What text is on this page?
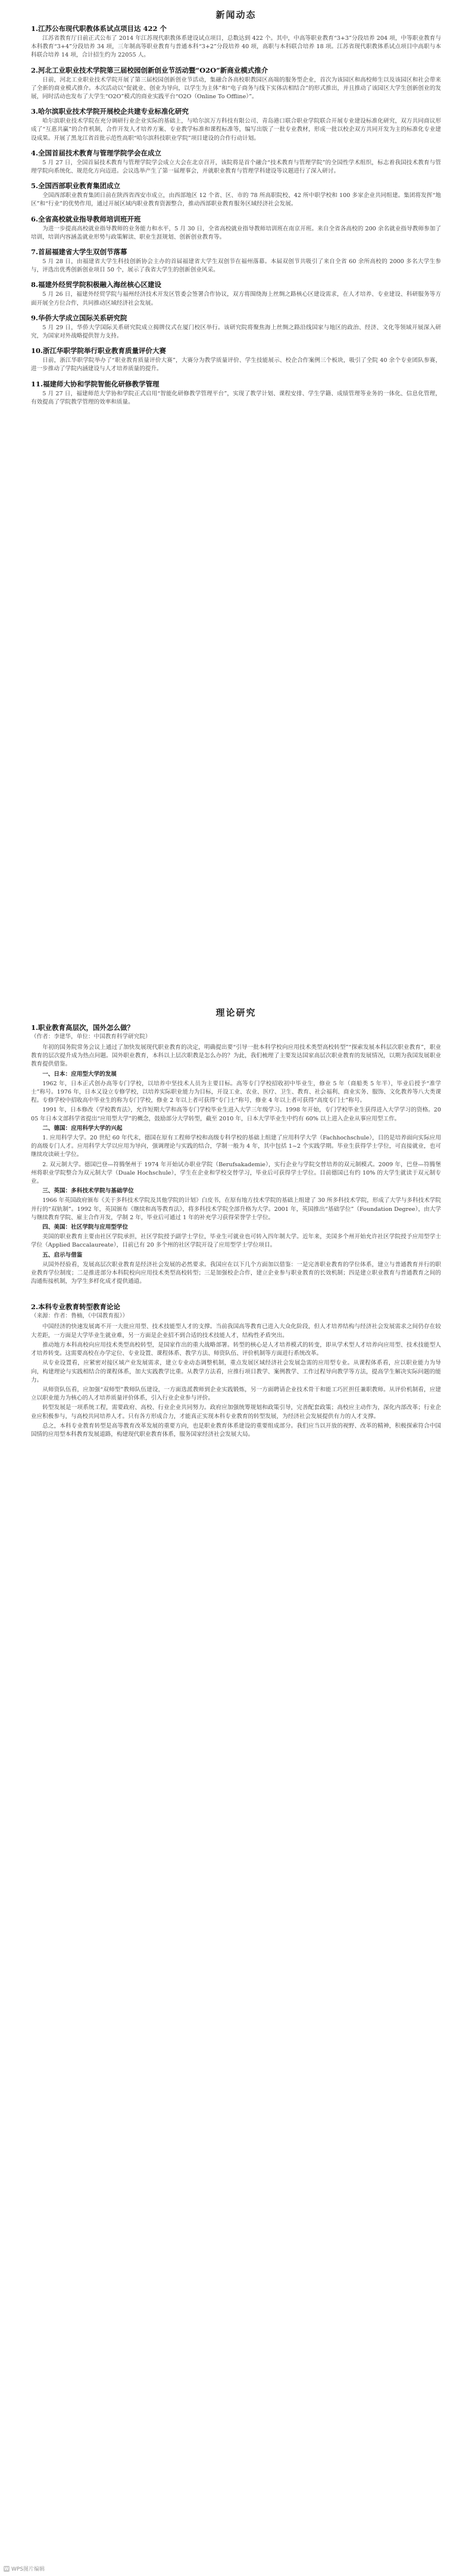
新闻动态

1.江苏公布现代职教体系试点项目达 422 个

江苏省教育厅日前正式公布了 2014 年江苏现代职教体系建设试点项目，总数达到 422 个。其中，中高等职业教育“3+3”分段培养 204 项，中等职业教育与本科教育“3+4”分段培养 34 项，三年制高等职业教育与普通本科“3+2”分段培养 40 项，高职与本科联合培养 18 项。江苏省现代职教体系试点项目中高职与本科联合培养 14 项，合计招生约为 22055 人。

2.河北工业职业技术学院第三届校园创新创业节活动暨“O2O”新商业模式推介

日前，河北工业职业技术学院开展了第三届校园创新创业节活动，集融合各高校职教园区高端的服务型企业，首次为该园区和高校师生以及该园区和社会带来了全新的商业模式推介。本次活动以“促就业、创业为导向，以学生为主体”和“电子商务与线下实体店相结合”的形式推出，并且推动了该园区大学生创新创业的发展，同时活动也发布了大学生“O2O”模式的商业实践平台“O2O（Online To Offline）”。

3.哈尔滨职业技术学院开展校企共建专业标准化研究

哈尔滨职业技术学院在充分调研行业企业实际的基础上，与哈尔滨万方科技有限公司、青岛港口联合职业学院联合开展专业建设标准化研究，双方共同商议形成了“互惠共赢”的合作机制，合作开发人才培养方案、专业教学标准和课程标准等，编写出版了一批专业教材，形成一批以校企双方共同开发为主的标准化专业建设成果。开展了黑龙江省首批示范性高职“哈尔滨科技职业学院”项目建设的合作行动计划。

4.全国首届技术教育与管理学院学会在成立

5 月 27 日，全国首届技术教育与管理学院学会成立大会在北京召开，该院将是首个融合“技术教育与管理学院”的全国性学术组织，标志着我国技术教育与管理学院向系统化、规范化方向迈进。会议选举产生了第一届理事会，并就职业教育与管理学科建设等议题进行了深入研讨。

5.全国西部职业教育集团成立

全国西部职业教育集团日前在陕西省西安市成立，由西部地区 12 个省、区、市的 78 所高职院校、42 所中职学校和 100 多家企业共同组建。集团将发挥“地区”和“行业”的优势作用，通过开展区域内职业教育资源整合，推动西部职业教育服务区域经济社会发展。

6.全省高校就业指导教师培训班开班

为进一步提高高校就业指导教师的业务能力和水平，5 月 30 日，全省高校就业指导教师培训班在南京开班。来自全省各高校的 200 余名就业指导教师参加了培训，培训内容涵盖就业形势与政策解读、职业生涯规划、创新创业教育等。

7.首届福建省大学生双创节落幕

5 月 28 日，由福建省大学生科技创新协会主办的首届福建省大学生双创节在福州落幕。本届双创节共吸引了来自全省 60 余所高校的 2000 多名大学生参与，评选出优秀创新创业项目 50 个，展示了我省大学生的创新创业风采。

8.福建外经贸学院积极融入海丝核心区建设

5 月 26 日，福建外经贸学院与福州经济技术开发区管委会签署合作协议，双方将围绕海上丝绸之路核心区建设需求，在人才培养、专业建设、科研服务等方面开展全方位合作，共同推动区域经济社会发展。

9.华侨大学成立国际关系研究院

5 月 29 日，华侨大学国际关系研究院成立揭牌仪式在厦门校区举行。该研究院将聚焦海上丝绸之路沿线国家与地区的政治、经济、文化等领域开展深入研究，为国家对外战略提供智力支持。

10.浙江华职学院举行职业教育质量评价大赛

日前，浙江华职学院举办了“职业教育质量评价大赛”，大赛分为教学质量评价、学生技能展示、校企合作案例三个板块，吸引了全院 40 余个专业团队参赛，进一步推动了学院内涵建设与人才培养质量的提升。

11.福建师大协和学院智能化研修教学管理

5 月 27 日，福建师范大学协和学院正式启用“智能化研修教学管理平台”，实现了教学计划、课程安排、学生学籍、成绩管理等业务的一体化、信息化管理，有效提高了学院教学管理的效率和质量。

理论研究

1.职业教育高层次，国外怎么做？

（作者：李建华，单位：中国教育科学研究院）

年初的国务院常务会议上通过了加快发展现代职业教育的决定，明确提出要“引导一批本科学校向应用技术类型高校转型”“探索发展本科层次职业教育”，职业教育的层次提升成为热点问题。国外职业教育，本科以上层次职教是怎么办的？为此，我们梳理了主要发达国家高层次职业教育的发展情况，以期为我国发展职业教育提供借鉴。

一、日本：应用型大学的发展

1962 年，日本正式创办高等专门学校，以培养中坚技术人员为主要目标。高等专门学校招收初中毕业生，修业 5 年（商船类 5 年半），毕业后授予“准学士”称号。1976 年，日本又设立专修学校，以培养实际职业能力为目标，开设工业、农业、医疗、卫生、教育、社会福利、商业实务、服饰、文化教养等八大类课程。专修学校中招收高中毕业生的称为专门学校，修业 2 年以上者可获得“专门士”称号，修业 4 年以上者可获得“高度专门士”称号。

1991 年，日本修改《学校教育法》，允许短期大学和高等专门学校毕业生进入大学三年级学习。1998 年开始，专门学校毕业生获得进入大学学习的资格。2005 年日本文部科学省提出“应用型大学”的概念，鼓励部分大学转型，截至 2010 年，日本大学毕业生中约有 60% 以上进入企业从事应用型工作。

二、德国：应用科学大学的兴起

1. 应用科学大学。20 世纪 60 年代末，德国在原有工程师学校和高级专科学校的基础上组建了应用科学大学（Fachhochschule），目的是培养面向实际应用的高级专门人才。应用科学大学以应用为导向，强调理论与实践的结合，学制一般为 4 年，其中包括 1~2 个实践学期。毕业生获得学士学位，可直接就业，也可继续攻读硕士学位。

2. 双元制大学。德国巴登—符腾堡州于 1974 年开始试办职业学院（Berufsakademie），实行企业与学院交替培养的双元制模式。2009 年，巴登—符腾堡州将职业学院整合为双元制大学（Duale Hochschule），学生在企业和学校交替学习，毕业后可获得学士学位。目前德国已有约 10% 的大学生就读于双元制专业。

三、英国：多科技术学院与基础学位

1966 年英国政府颁布《关于多科技术学院及其他学院的计划》白皮书，在原有地方技术学院的基础上组建了 30 所多科技术学院，形成了大学与多科技术学院并行的“双轨制”。1992 年，英国颁布《继续和高等教育法》，将多科技术学院全部升格为大学。2001 年，英国推出“基础学位”（Foundation Degree），由大学与继续教育学院、雇主合作开发，学制 2 年，毕业后可通过 1 年的补充学习获得荣誉学士学位。

四、美国：社区学院与应用型学位

美国的职业教育主要由社区学院承担，社区学院授予副学士学位，毕业生可就业也可转入四年制大学。近年来，美国多个州开始允许社区学院授予应用型学士学位（Applied Baccalaureate），目前已有 20 多个州的社区学院开设了应用型学士学位项目。

五、启示与借鉴

从国外经验看，发展高层次职业教育是经济社会发展的必然要求。我国应在以下几个方面加以借鉴：一是完善职业教育的学位体系，建立与普通教育并行的职业教育学位制度；二是推进部分本科院校向应用技术类型高校转型；三是加强校企合作，建立企业参与职业教育的长效机制；四是建立职业教育与普通教育之间的沟通衔接机制，为学生多样化成才提供通道。

2.本科专业教育转型教育论论

（来源：作者：鲁楠，《中国教育报》）

中国经济的快速发展离不开一大批应用型、技术技能型人才的支撑。当前我国高等教育已进入大众化阶段，但人才培养结构与经济社会发展需求之间仍存在较大差距，一方面是大学毕业生就业难，另一方面是企业招不到合适的技术技能人才，结构性矛盾突出。

推动地方本科高校向应用技术类型高校转型，是国家作出的重大战略部署。转型的核心是人才培养模式的转变，即从学术型人才培养向应用型、技术技能型人才培养转变。这需要高校在办学定位、专业设置、课程体系、教学方法、师资队伍、评价机制等方面进行系统改革。

从专业设置看，应紧密对接区域产业发展需求，建立专业动态调整机制，重点发展区域经济社会发展急需的应用型专业。从课程体系看，应以职业能力为导向，构建理论与实践相结合的课程体系，加大实践教学比重。从教学方法看，应推行项目教学、案例教学、工作过程导向教学等方法，提高学生解决实际问题的能力。

从师资队伍看，应加强“双师型”教师队伍建设，一方面选派教师到企业实践锻炼，另一方面聘请企业技术骨干和能工巧匠担任兼职教师。从评价机制看，应建立以职业能力为核心的人才培养质量评价体系，引入行业企业参与评价。

转型发展是一项系统工程，需要政府、高校、行业企业共同努力。政府应加强统筹规划和政策引导，完善配套政策；高校应主动作为，深化内部改革；行业企业应积极参与，与高校共同培养人才。只有各方形成合力，才能真正实现本科专业教育的转型发展，为经济社会发展提供有力的人才支撑。

总之，本科专业教育转型是高等教育改革发展的重要方向，也是职业教育体系建设的重要组成部分。我们应当以开放的视野、改革的精神，积极探索符合中国国情的应用型本科教育发展道路，构建现代职业教育体系，服务国家经济社会发展大局。

W WPS图片编辑
